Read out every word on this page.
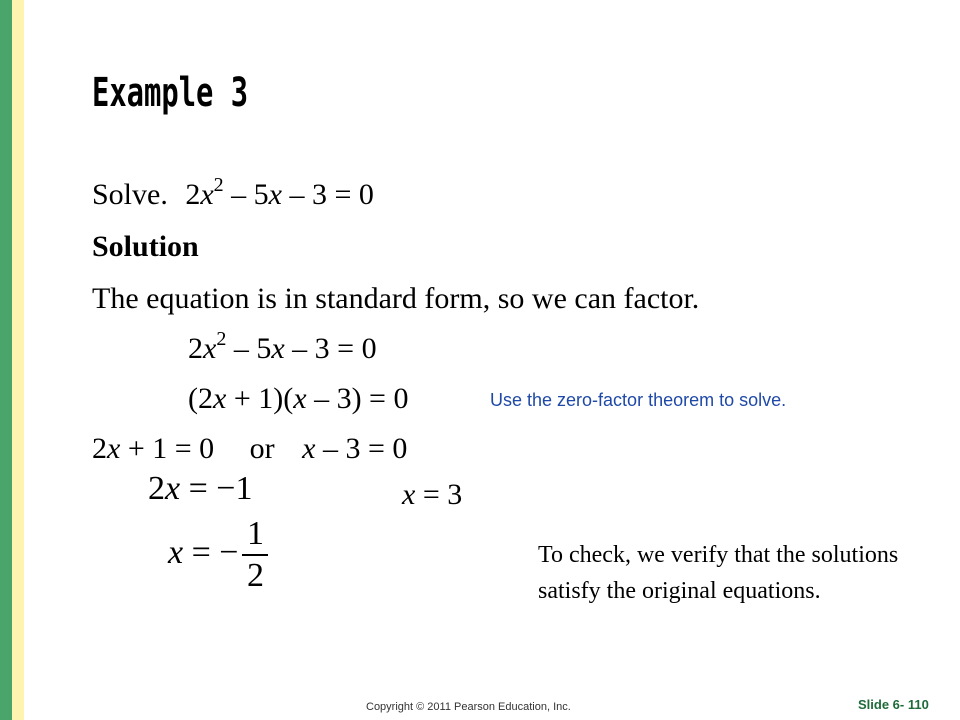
Example 3
Solve. $2x^2 - 5x - 3 = 0$
Solution
The equation is in standard form, so we can factor.
$2x^2 - 5x - 3 = 0$
(2x + 1)(x – 3) = 0	Use the zero-factor theorem to solve.
2x + 1 = 0 or x – 3 = 0
2x = −1	x = 3
x = − $\frac{1}{2}$	To check, we verify that the solutions satisfy the original equations.
Copyright © 2011 Pearson Education, Inc.	Slide 6- 110
